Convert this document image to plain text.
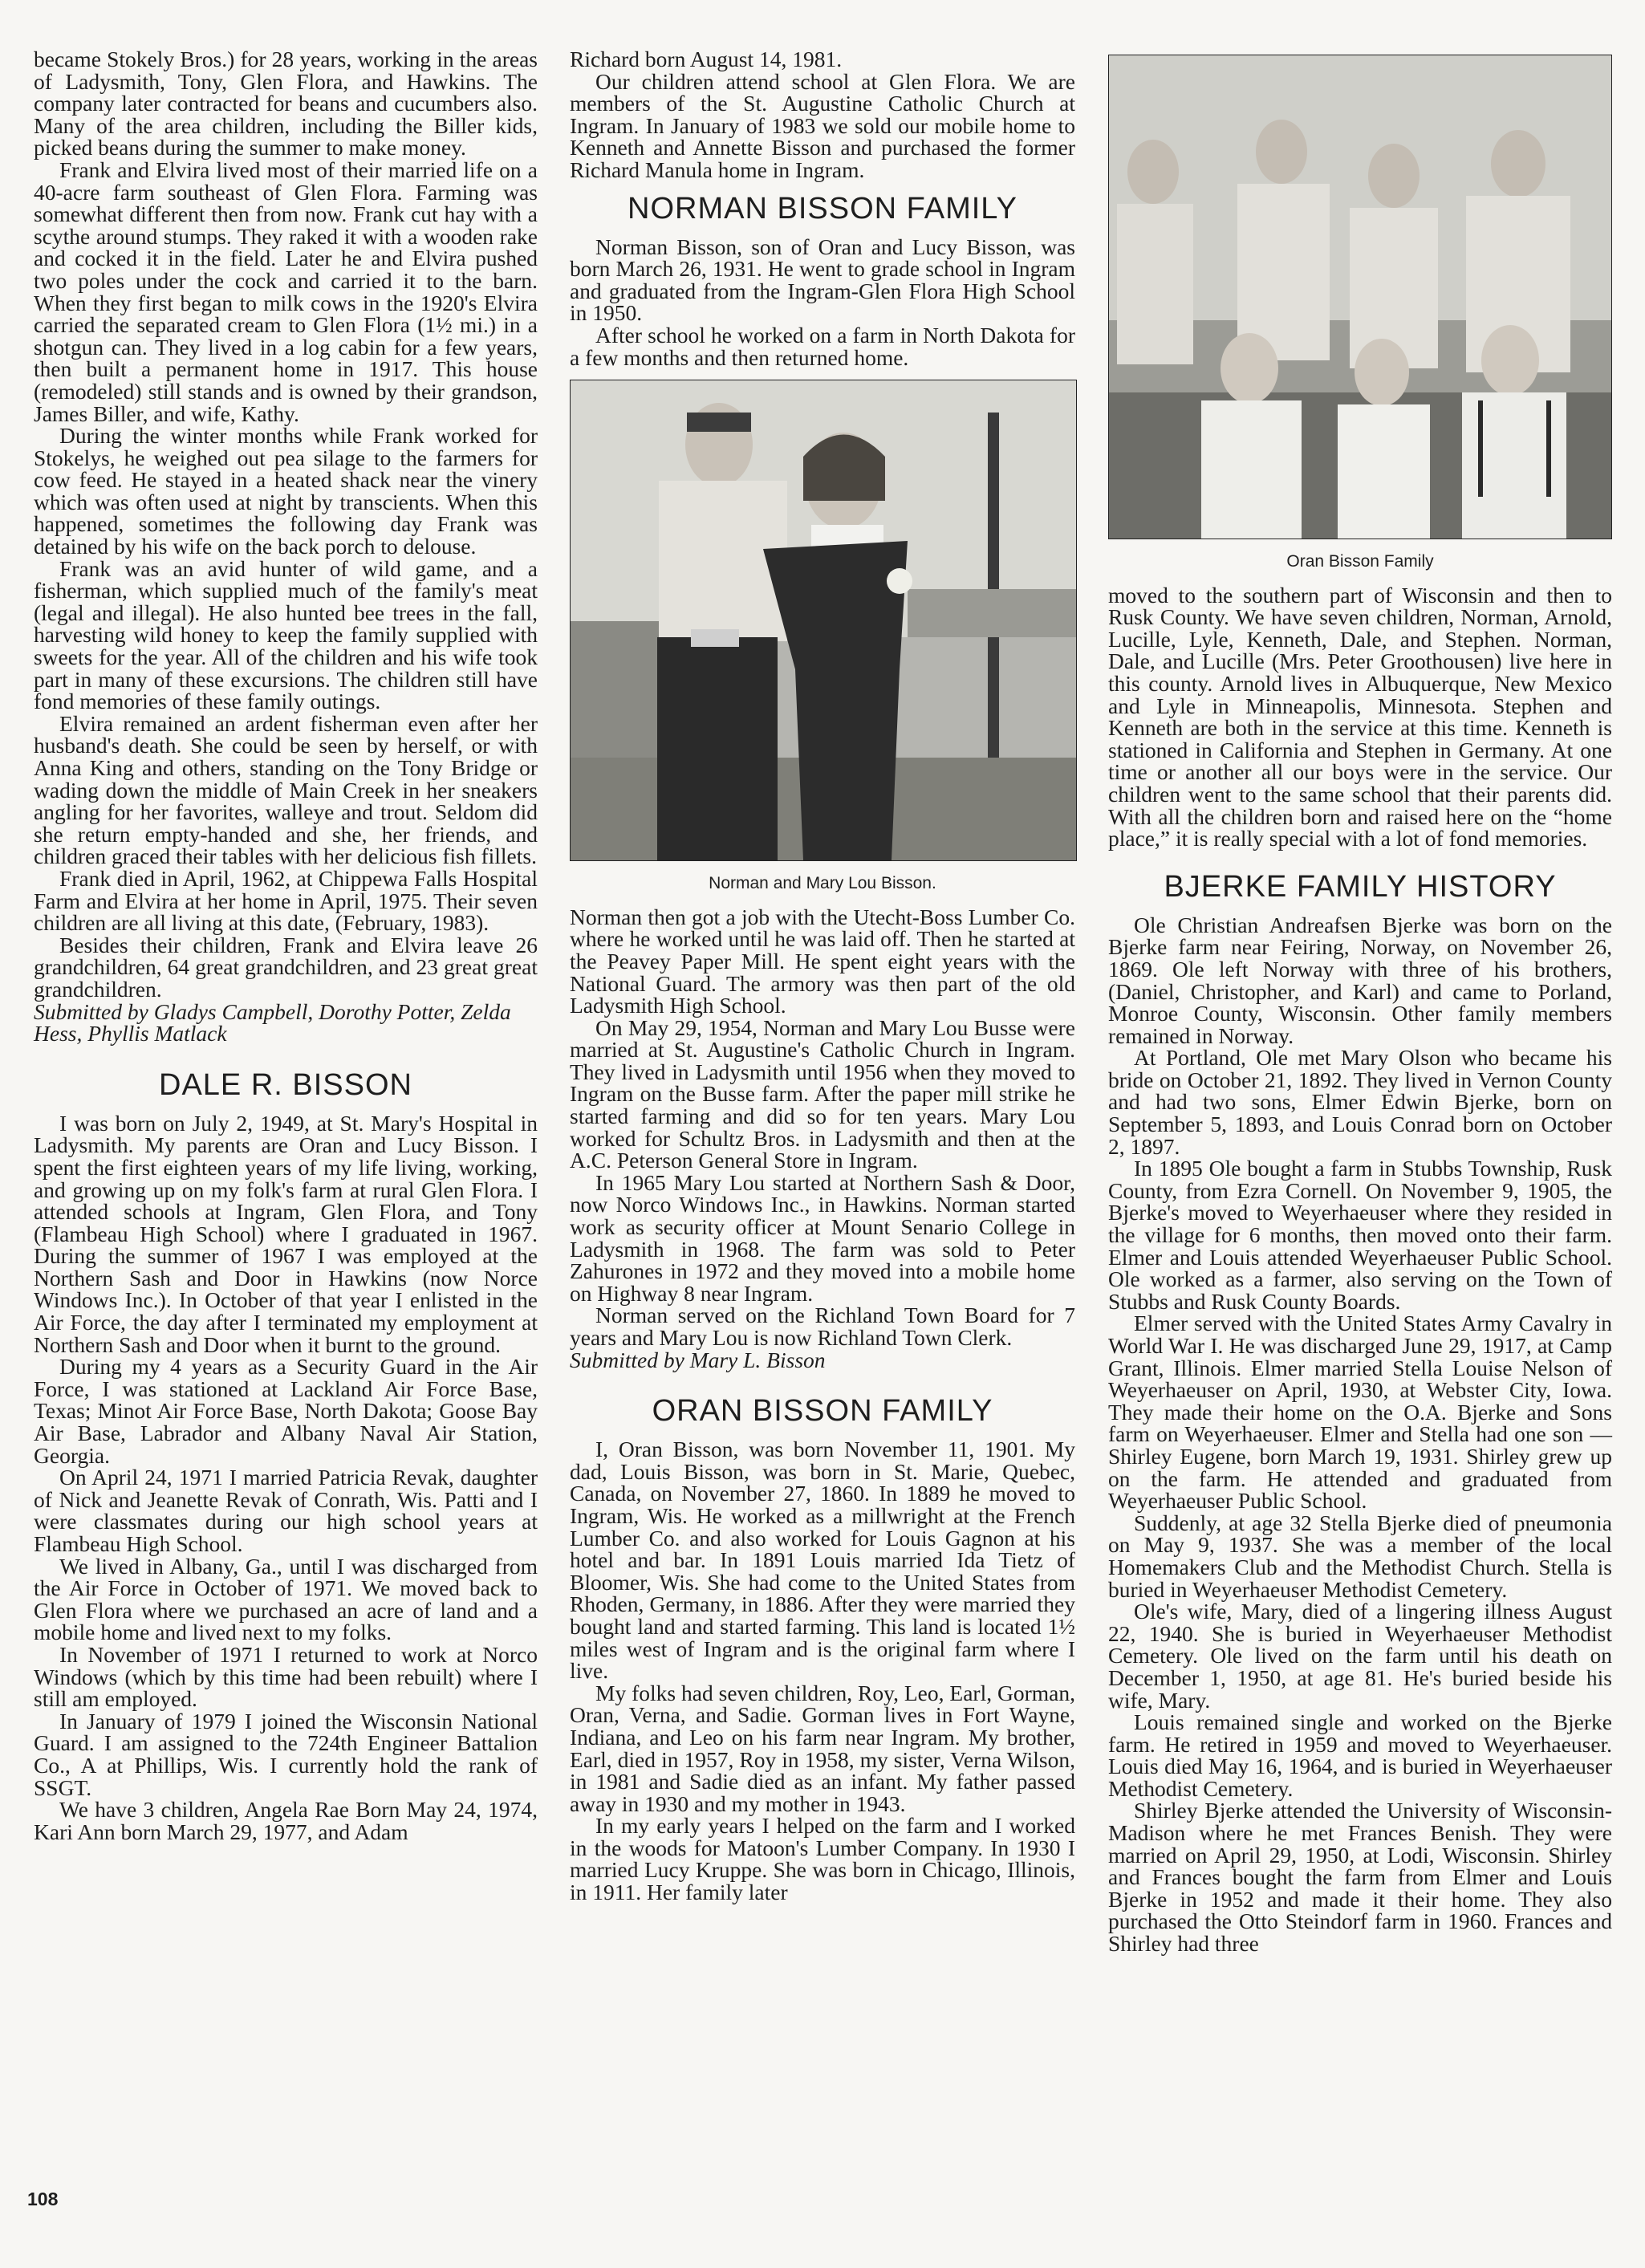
became Stokely Bros.) for 28 years, working in the areas of Ladysmith, Tony, Glen Flora, and Hawkins. The company later contracted for beans and cucumbers also. Many of the area children, including the Biller kids, picked beans during the summer to make money.

Frank and Elvira lived most of their married life on a 40-acre farm southeast of Glen Flora. Farming was somewhat different then from now. Frank cut hay with a scythe around stumps. They raked it with a wooden rake and cocked it in the field. Later he and Elvira pushed two poles under the cock and carried it to the barn. When they first began to milk cows in the 1920's Elvira carried the separated cream to Glen Flora (1½ mi.) in a shotgun can. They lived in a log cabin for a few years, then built a permanent home in 1917. This house (remodeled) still stands and is owned by their grandson, James Biller, and wife, Kathy.

During the winter months while Frank worked for Stokelys, he weighed out pea silage to the farmers for cow feed. He stayed in a heated shack near the vinery which was often used at night by transcients. When this happened, sometimes the following day Frank was detained by his wife on the back porch to delouse.

Frank was an avid hunter of wild game, and a fisherman, which supplied much of the family's meat (legal and illegal). He also hunted bee trees in the fall, harvesting wild honey to keep the family supplied with sweets for the year. All of the children and his wife took part in many of these excursions. The children still have fond memories of these family outings.

Elvira remained an ardent fisherman even after her husband's death. She could be seen by herself, or with Anna King and others, standing on the Tony Bridge or wading down the middle of Main Creek in her sneakers angling for her favorites, walleye and trout. Seldom did she return empty-handed and she, her friends, and children graced their tables with her delicious fish fillets.

Frank died in April, 1962, at Chippewa Falls Hospital Farm and Elvira at her home in April, 1975. Their seven children are all living at this date, (February, 1983).

Besides their children, Frank and Elvira leave 26 grandchildren, 64 great grandchildren, and 23 great great grandchildren.

Submitted by Gladys Campbell, Dorothy Potter, Zelda Hess, Phyllis Matlack

DALE R. BISSON

I was born on July 2, 1949, at St. Mary's Hospital in Ladysmith. My parents are Oran and Lucy Bisson. I spent the first eighteen years of my life living, working, and growing up on my folk's farm at rural Glen Flora. I attended schools at Ingram, Glen Flora, and Tony (Flambeau High School) where I graduated in 1967. During the summer of 1967 I was employed at the Northern Sash and Door in Hawkins (now Norce Windows Inc.). In October of that year I enlisted in the Air Force, the day after I terminated my employment at Northern Sash and Door when it burnt to the ground.

During my 4 years as a Security Guard in the Air Force, I was stationed at Lackland Air Force Base, Texas; Minot Air Force Base, North Dakota; Goose Bay Air Base, Labrador and Albany Naval Air Station, Georgia.

On April 24, 1971 I married Patricia Revak, daughter of Nick and Jeanette Revak of Conrath, Wis. Patti and I were classmates during our high school years at Flambeau High School.

We lived in Albany, Ga., until I was discharged from the Air Force in October of 1971. We moved back to Glen Flora where we purchased an acre of land and a mobile home and lived next to my folks.

In November of 1971 I returned to work at Norco Windows (which by this time had been rebuilt) where I still am employed.

In January of 1979 I joined the Wisconsin National Guard. I am assigned to the 724th Engineer Battalion Co., A at Phillips, Wis. I currently hold the rank of SSGT.

We have 3 children, Angela Rae Born May 24, 1974, Kari Ann born March 29, 1977, and Adam

Richard born August 14, 1981.

Our children attend school at Glen Flora. We are members of the St. Augustine Catholic Church at Ingram. In January of 1983 we sold our mobile home to Kenneth and Annette Bisson and purchased the former Richard Manula home in Ingram.

NORMAN BISSON FAMILY

Norman Bisson, son of Oran and Lucy Bisson, was born March 26, 1931. He went to grade school in Ingram and graduated from the Ingram-Glen Flora High School in 1950.

After school he worked on a farm in North Dakota for a few months and then returned home.

Norman and Mary Lou Bisson.

Norman then got a job with the Utecht-Boss Lumber Co. where he worked until he was laid off. Then he started at the Peavey Paper Mill. He spent eight years with the National Guard. The armory was then part of the old Ladysmith High School.

On May 29, 1954, Norman and Mary Lou Busse were married at St. Augustine's Catholic Church in Ingram. They lived in Ladysmith until 1956 when they moved to Ingram on the Busse farm. After the paper mill strike he started farming and did so for ten years. Mary Lou worked for Schultz Bros. in Ladysmith and then at the A.C. Peterson General Store in Ingram.

In 1965 Mary Lou started at Northern Sash & Door, now Norco Windows Inc., in Hawkins. Norman started work as security officer at Mount Senario College in Ladysmith in 1968. The farm was sold to Peter Zahurones in 1972 and they moved into a mobile home on Highway 8 near Ingram.

Norman served on the Richland Town Board for 7 years and Mary Lou is now Richland Town Clerk.

Submitted by Mary L. Bisson

ORAN BISSON FAMILY

I, Oran Bisson, was born November 11, 1901. My dad, Louis Bisson, was born in St. Marie, Quebec, Canada, on November 27, 1860. In 1889 he moved to Ingram, Wis. He worked as a millwright at the French Lumber Co. and also worked for Louis Gagnon at his hotel and bar. In 1891 Louis married Ida Tietz of Bloomer, Wis. She had come to the United States from Rhoden, Germany, in 1886. After they were married they bought land and started farming. This land is located 1½ miles west of Ingram and is the original farm where I live.

My folks had seven children, Roy, Leo, Earl, Gorman, Oran, Verna, and Sadie. Gorman lives in Fort Wayne, Indiana, and Leo on his farm near Ingram. My brother, Earl, died in 1957, Roy in 1958, my sister, Verna Wilson, in 1981 and Sadie died as an infant. My father passed away in 1930 and my mother in 1943.

In my early years I helped on the farm and I worked in the woods for Matoon's Lumber Company. In 1930 I married Lucy Kruppe. She was born in Chicago, Illinois, in 1911. Her family later

Oran Bisson Family

moved to the southern part of Wisconsin and then to Rusk County. We have seven children, Norman, Arnold, Lucille, Lyle, Kenneth, Dale, and Stephen. Norman, Dale, and Lucille (Mrs. Peter Groothousen) live here in this county. Arnold lives in Albuquerque, New Mexico and Lyle in Minneapolis, Minnesota. Stephen and Kenneth are both in the service at this time. Kenneth is stationed in California and Stephen in Germany. At one time or another all our boys were in the service. Our children went to the same school that their parents did. With all the children born and raised here on the “home place,” it is really special with a lot of fond memories.

BJERKE FAMILY HISTORY

Ole Christian Andreafsen Bjerke was born on the Bjerke farm near Feiring, Norway, on November 26, 1869. Ole left Norway with three of his brothers, (Daniel, Christopher, and Karl) and came to Porland, Monroe County, Wisconsin. Other family members remained in Norway.

At Portland, Ole met Mary Olson who became his bride on October 21, 1892. They lived in Vernon County and had two sons, Elmer Edwin Bjerke, born on September 5, 1893, and Louis Conrad born on October 2, 1897.

In 1895 Ole bought a farm in Stubbs Township, Rusk County, from Ezra Cornell. On November 9, 1905, the Bjerke's moved to Weyerhaeuser where they resided in the village for 6 months, then moved onto their farm. Elmer and Louis attended Weyerhaeuser Public School. Ole worked as a farmer, also serving on the Town of Stubbs and Rusk County Boards.

Elmer served with the United States Army Cavalry in World War I. He was discharged June 29, 1917, at Camp Grant, Illinois. Elmer married Stella Louise Nelson of Weyerhaeuser on April, 1930, at Webster City, Iowa. They made their home on the O.A. Bjerke and Sons farm on Weyerhaeuser. Elmer and Stella had one son — Shirley Eugene, born March 19, 1931. Shirley grew up on the farm. He attended and graduated from Weyerhaeuser Public School.

Suddenly, at age 32 Stella Bjerke died of pneumonia on May 9, 1937. She was a member of the local Homemakers Club and the Methodist Church. Stella is buried in Weyerhaeuser Methodist Cemetery.

Ole's wife, Mary, died of a lingering illness August 22, 1940. She is buried in Weyerhaeuser Methodist Cemetery. Ole lived on the farm until his death on December 1, 1950, at age 81. He's buried beside his wife, Mary.

Louis remained single and worked on the Bjerke farm. He retired in 1959 and moved to Weyerhaeuser. Louis died May 16, 1964, and is buried in Weyerhaeuser Methodist Cemetery.

Shirley Bjerke attended the University of Wisconsin-Madison where he met Frances Benish. They were married on April 29, 1950, at Lodi, Wisconsin. Shirley and Frances bought the farm from Elmer and Louis Bjerke in 1952 and made it their home. They also purchased the Otto Steindorf farm in 1960. Frances and Shirley had three

108
